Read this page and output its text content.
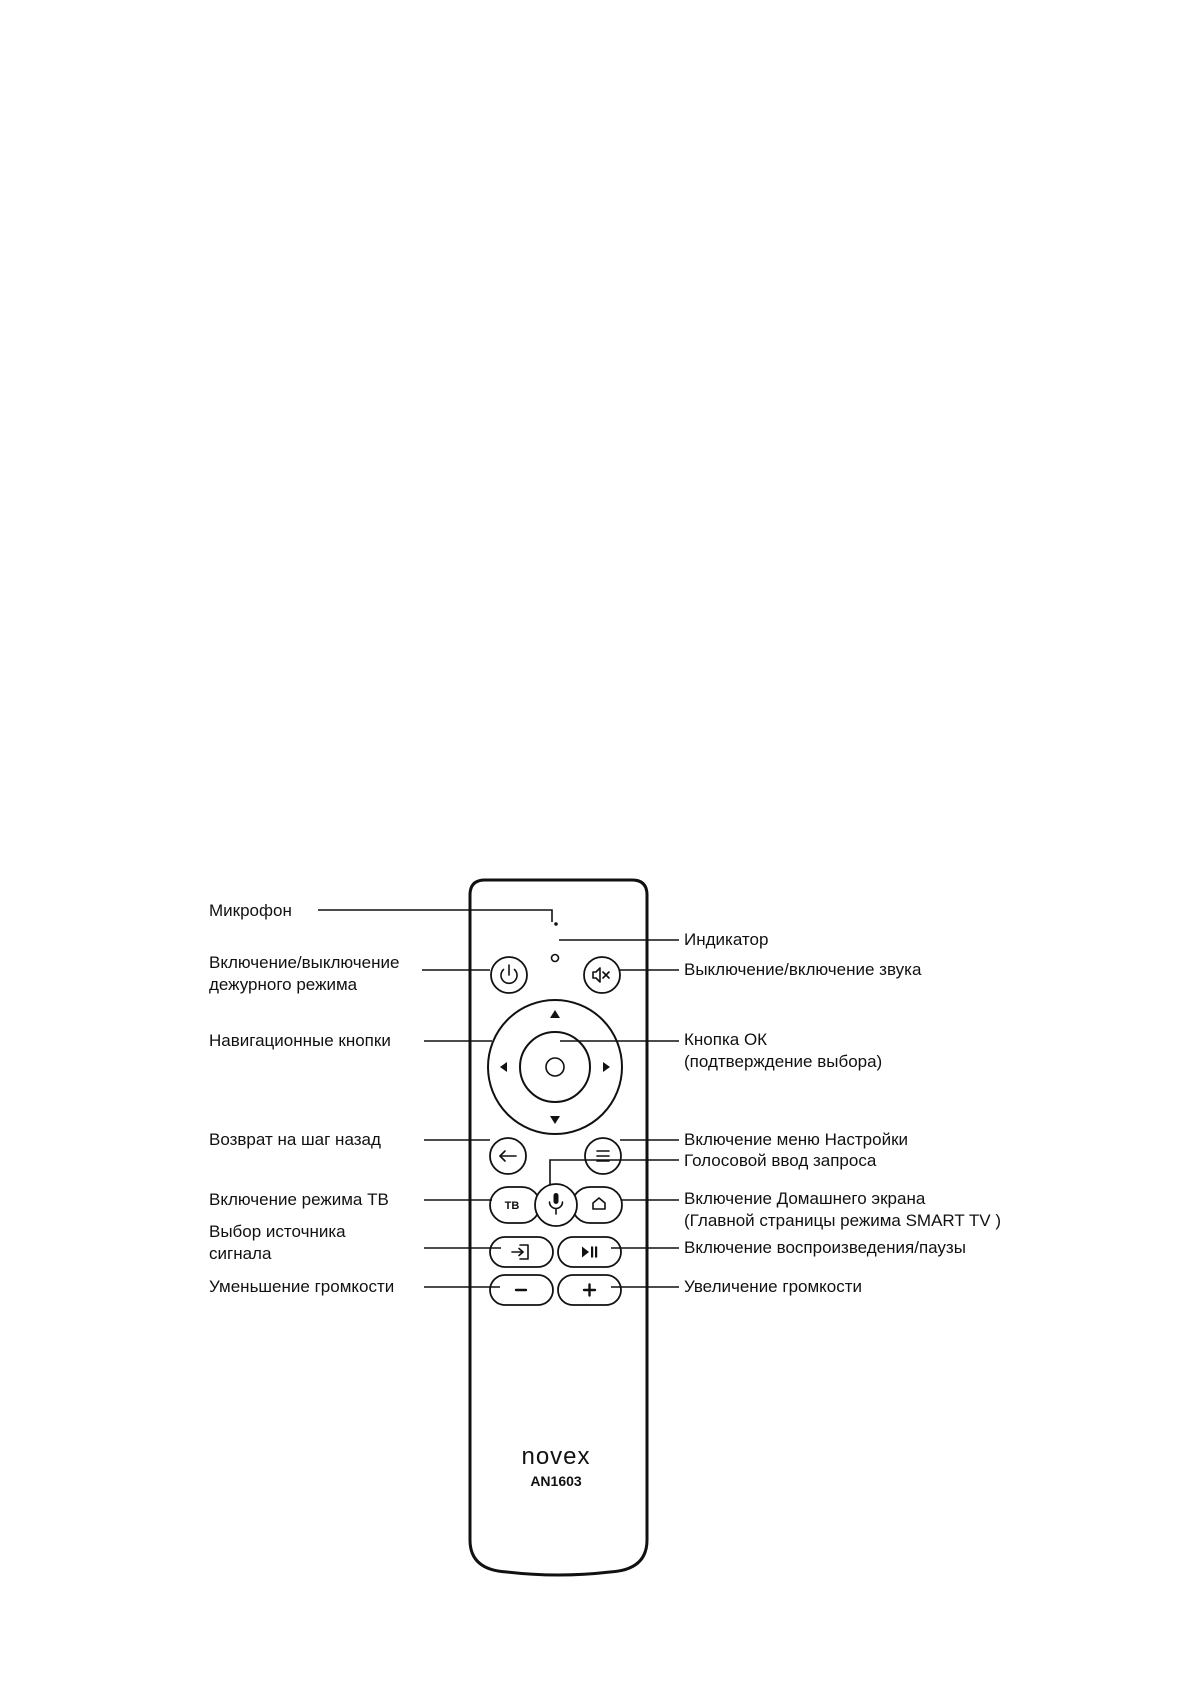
ТВ
novex
AN1603
Микрофон
Включение/выключение
дежурного режима
Навигационные кнопки
Возврат на шаг назад
Включение режима ТВ
Выбор источника
сигнала
Уменьшение громкости
Индикатор
Выключение/включение звука
Кнопка ОК
(подтверждение выбора)
Включение меню Настройки
Голосовой ввод запроса
Включение Домашнего экрана
(Главной страницы режима SMART TV )
Включение воспроизведения/паузы
Увеличение громкости
